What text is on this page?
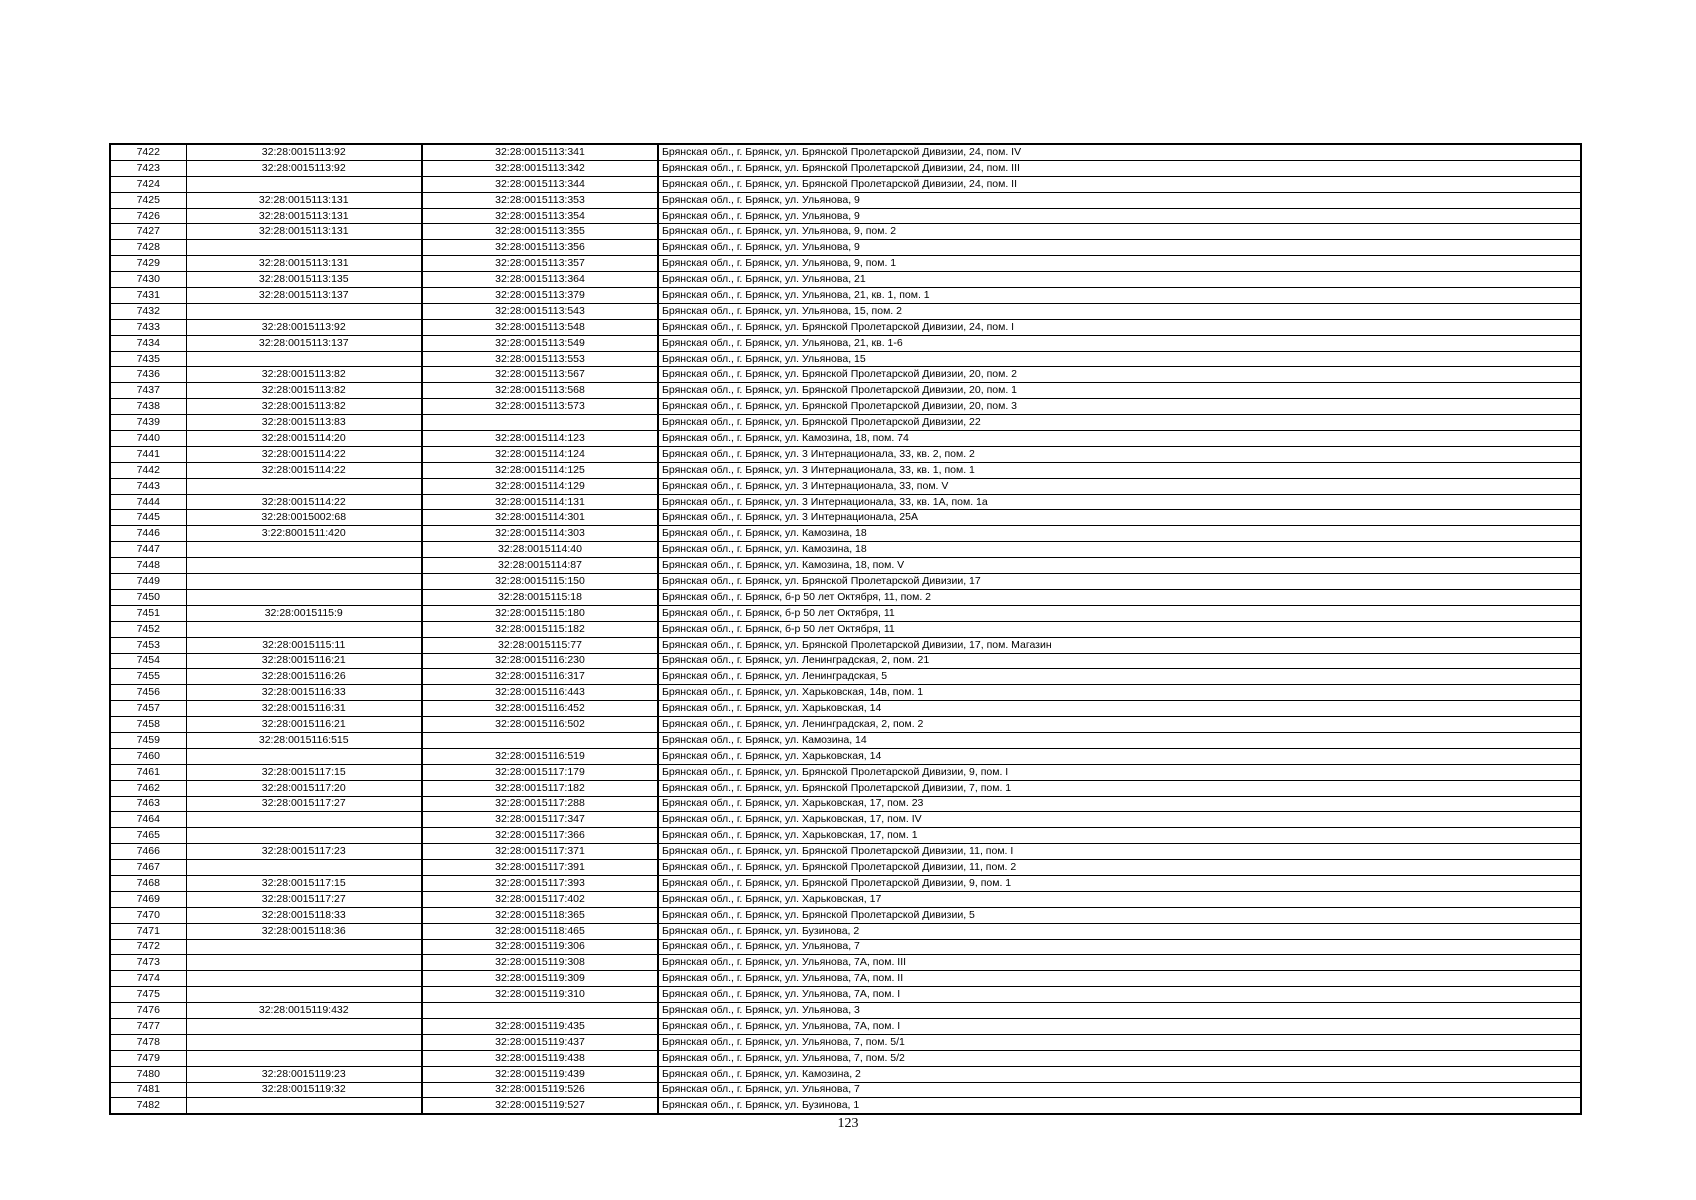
7422	32:28:0015113:92	32:28:0015113:341	Брянская обл., г. Брянск, ул. Брянской Пролетарской Дивизии, 24, пом. IV
7423	32:28:0015113:92	32:28:0015113:342	Брянская обл., г. Брянск, ул. Брянской Пролетарской Дивизии, 24, пом. III
7424		32:28:0015113:344	Брянская обл., г. Брянск, ул. Брянской Пролетарской Дивизии, 24, пом. II
7425	32:28:0015113:131	32:28:0015113:353	Брянская обл., г. Брянск, ул. Ульянова, 9
7426	32:28:0015113:131	32:28:0015113:354	Брянская обл., г. Брянск, ул. Ульянова, 9
7427	32:28:0015113:131	32:28:0015113:355	Брянская обл., г. Брянск, ул. Ульянова, 9, пом. 2
7428		32:28:0015113:356	Брянская обл., г. Брянск, ул. Ульянова, 9
7429	32:28:0015113:131	32:28:0015113:357	Брянская обл., г. Брянск, ул. Ульянова, 9, пом. 1
7430	32:28:0015113:135	32:28:0015113:364	Брянская обл., г. Брянск, ул. Ульянова, 21
7431	32:28:0015113:137	32:28:0015113:379	Брянская обл., г. Брянск, ул. Ульянова, 21, кв. 1, пом. 1
7432		32:28:0015113:543	Брянская обл., г. Брянск, ул. Ульянова, 15, пом. 2
7433	32:28:0015113:92	32:28:0015113:548	Брянская обл., г. Брянск, ул. Брянской Пролетарской Дивизии, 24, пом. I
7434	32:28:0015113:137	32:28:0015113:549	Брянская обл., г. Брянск, ул. Ульянова, 21, кв. 1-6
7435		32:28:0015113:553	Брянская обл., г. Брянск, ул. Ульянова, 15
7436	32:28:0015113:82	32:28:0015113:567	Брянская обл., г. Брянск, ул. Брянской Пролетарской Дивизии, 20, пом. 2
7437	32:28:0015113:82	32:28:0015113:568	Брянская обл., г. Брянск, ул. Брянской Пролетарской Дивизии, 20, пом. 1
7438	32:28:0015113:82	32:28:0015113:573	Брянская обл., г. Брянск, ул. Брянской Пролетарской Дивизии, 20, пом. 3
7439	32:28:0015113:83		Брянская обл., г. Брянск, ул. Брянской Пролетарской Дивизии, 22
7440	32:28:0015114:20	32:28:0015114:123	Брянская обл., г. Брянск, ул. Камозина, 18, пом. 74
7441	32:28:0015114:22	32:28:0015114:124	Брянская обл., г. Брянск, ул. 3 Интернационала, 33, кв. 2, пом. 2
7442	32:28:0015114:22	32:28:0015114:125	Брянская обл., г. Брянск, ул. 3 Интернационала, 33, кв. 1, пом. 1
7443		32:28:0015114:129	Брянская обл., г. Брянск, ул. 3 Интернационала, 33, пом. V
7444	32:28:0015114:22	32:28:0015114:131	Брянская обл., г. Брянск, ул. 3 Интернационала, 33, кв. 1А, пом. 1а
7445	32:28:0015002:68	32:28:0015114:301	Брянская обл., г. Брянск, ул. 3 Интернационала, 25А
7446	3:22:8001511:420	32:28:0015114:303	Брянская обл., г. Брянск, ул. Камозина, 18
7447		32:28:0015114:40	Брянская обл., г. Брянск, ул. Камозина, 18
7448		32:28:0015114:87	Брянская обл., г. Брянск, ул. Камозина, 18, пом. V
7449		32:28:0015115:150	Брянская обл., г. Брянск, ул. Брянской Пролетарской Дивизии, 17
7450		32:28:0015115:18	Брянская обл., г. Брянск, б-р 50 лет Октября, 11, пом. 2
7451	32:28:0015115:9	32:28:0015115:180	Брянская обл., г. Брянск, б-р 50 лет Октября, 11
7452		32:28:0015115:182	Брянская обл., г. Брянск, б-р 50 лет Октября, 11
7453	32:28:0015115:11	32:28:0015115:77	Брянская обл., г. Брянск, ул. Брянской Пролетарской Дивизии, 17, пом. Магазин
7454	32:28:0015116:21	32:28:0015116:230	Брянская обл., г. Брянск, ул. Ленинградская, 2, пом. 21
7455	32:28:0015116:26	32:28:0015116:317	Брянская обл., г. Брянск, ул. Ленинградская, 5
7456	32:28:0015116:33	32:28:0015116:443	Брянская обл., г. Брянск, ул. Харьковская, 14в, пом. 1
7457	32:28:0015116:31	32:28:0015116:452	Брянская обл., г. Брянск, ул. Харьковская, 14
7458	32:28:0015116:21	32:28:0015116:502	Брянская обл., г. Брянск, ул. Ленинградская, 2, пом. 2
7459	32:28:0015116:515		Брянская обл., г. Брянск, ул. Камозина, 14
7460		32:28:0015116:519	Брянская обл., г. Брянск, ул. Харьковская, 14
7461	32:28:0015117:15	32:28:0015117:179	Брянская обл., г. Брянск, ул. Брянской Пролетарской Дивизии, 9, пом. I
7462	32:28:0015117:20	32:28:0015117:182	Брянская обл., г. Брянск, ул. Брянской Пролетарской Дивизии, 7, пом. 1
7463	32:28:0015117:27	32:28:0015117:288	Брянская обл., г. Брянск, ул. Харьковская, 17, пом. 23
7464		32:28:0015117:347	Брянская обл., г. Брянск, ул. Харьковская, 17, пом. IV
7465		32:28:0015117:366	Брянская обл., г. Брянск, ул. Харьковская, 17, пом. 1
7466	32:28:0015117:23	32:28:0015117:371	Брянская обл., г. Брянск, ул. Брянской Пролетарской Дивизии, 11, пом. I
7467		32:28:0015117:391	Брянская обл., г. Брянск, ул. Брянской Пролетарской Дивизии, 11, пом. 2
7468	32:28:0015117:15	32:28:0015117:393	Брянская обл., г. Брянск, ул. Брянской Пролетарской Дивизии, 9, пом. 1
7469	32:28:0015117:27	32:28:0015117:402	Брянская обл., г. Брянск, ул. Харьковская, 17
7470	32:28:0015118:33	32:28:0015118:365	Брянская обл., г. Брянск, ул. Брянской Пролетарской Дивизии, 5
7471	32:28:0015118:36	32:28:0015118:465	Брянская обл., г. Брянск, ул. Бузинова, 2
7472		32:28:0015119:306	Брянская обл., г. Брянск, ул. Ульянова, 7
7473		32:28:0015119:308	Брянская обл., г. Брянск, ул. Ульянова, 7А, пом. III
7474		32:28:0015119:309	Брянская обл., г. Брянск, ул. Ульянова, 7А, пом. II
7475		32:28:0015119:310	Брянская обл., г. Брянск, ул. Ульянова, 7А, пом. I
7476	32:28:0015119:432		Брянская обл., г. Брянск, ул. Ульянова, 3
7477		32:28:0015119:435	Брянская обл., г. Брянск, ул. Ульянова, 7А, пом. I
7478		32:28:0015119:437	Брянская обл., г. Брянск, ул. Ульянова, 7, пом. 5/1
7479		32:28:0015119:438	Брянская обл., г. Брянск, ул. Ульянова, 7, пом. 5/2
7480	32:28:0015119:23	32:28:0015119:439	Брянская обл., г. Брянск, ул. Камозина, 2
7481	32:28:0015119:32	32:28:0015119:526	Брянская обл., г. Брянск, ул. Ульянова, 7
7482		32:28:0015119:527	Брянская обл., г. Брянск, ул. Бузинова, 1
123
